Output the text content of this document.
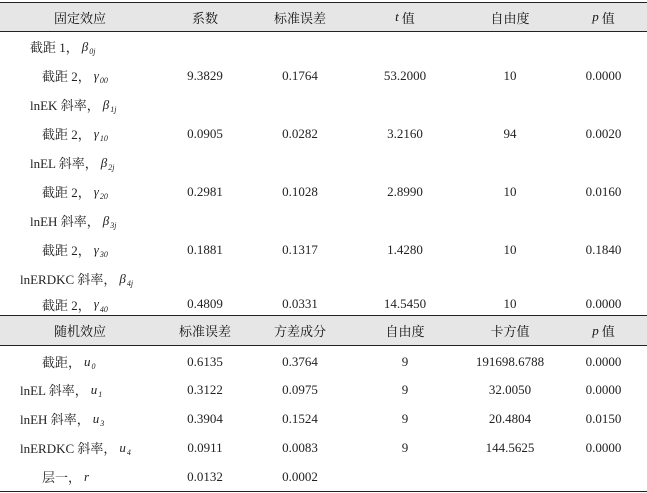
固定效应	系数	标准误差	t 值	自由度	p 值
截距 1， β 0j
截距 2， γ 00	9.3829	0.1764	53.2000	10	0.0000
lnEK 斜率， β 1j
截距 2， γ 10	0.0905	0.0282	3.2160	94	0.0020
lnEL 斜率， β 2j
截距 2， γ 20	0.2981	0.1028	2.8990	10	0.0160
lnEH 斜率， β 3j
截距 2， γ 30	0.1881	0.1317	1.4280	10	0.1840
lnERDKC 斜率， β 4j
截距 2， γ 40	0.4809	0.0331	14.5450	10	0.0000
随机效应	标准误差	方差成分	自由度	卡方值	p 值
截距， u 0	0.6135	0.3764	9	191698.6788	0.0000
lnEL 斜率， u 1	0.3122	0.0975	9	32.0050	0.0000
lnEH 斜率， u 3	0.3904	0.1524	9	20.4804	0.0150
lnERDKC 斜率， u 4	0.0911	0.0083	9	144.5625	0.0000
层一， r	0.0132	0.0002
